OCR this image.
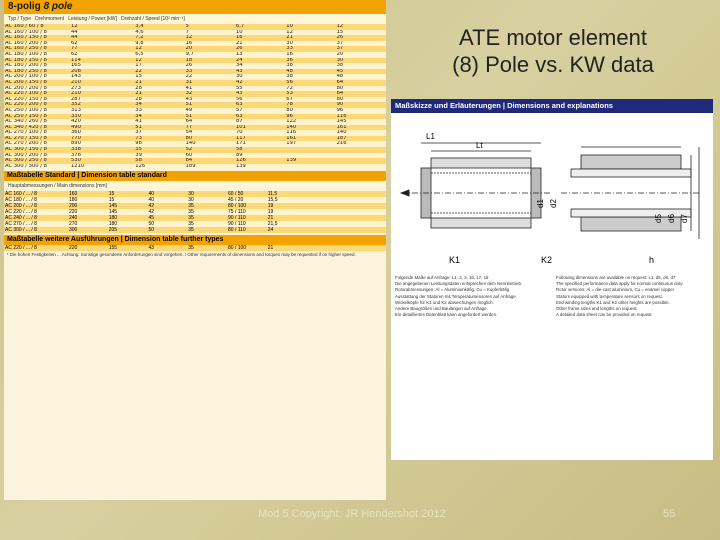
8-polig 8 pole
Typ / Type Drehmoment Leistung / Power [kW] Drehzahl / Speed [10³ min⁻¹]
AC 160 / 60 / 8	12	3,4	5	6,7	10	12
AC 160 / 100 / 8	44	4,6	7	10	12	15
AC 160 / 150 / 8	44	7,2	12	16	21	26
AC 160 / 200 / 8	62	9,8	16	21	30	37
AC 160 / 250 / 8	77	12	20	26	33	37
AC 180 / 100 / 8	62	6,5	9,7	13	16	20
AC 180 / 150 / 8	114	12	18	24	36	30
AC 180 / 200 / 8	165	17	26	34	38	38
AC 180 / 250 / 8	208	22	33	43	48	45
AC 200 / 100 / 8	143	15	22	30	38	48
AC 200 / 150 / 8	210	21	31	42	56	64
AC 200 / 200 / 8	273	28	41	55	72	80
AC 220 / 100 / 8	210	21	32	43	53	64
AC 220 / 150 / 8	287	28	43	56	67	80
AC 220 / 200 / 8	352	34	51	63	78	90
AC 250 / 100 / 8	313	33	49	57	80	96
AC 250 / 150 / 8	330	34	51	63	96	116
AC 340 / 260 / 8	420	41	64	87	122	145
AC 340 / 420 / 8	490	51	77	101	140	161
AC 270 / 100 / 8	360	37	54	70	116	140
AC 270 / 150 / 8	770	73	80	117	161	187
AC 270 / 200 / 8	890	98	140	171	197	216
AC 300 / 150 / 8	338	35	52	58		
AC 300 / 200 / 8	378	39	60	89		
AC 300 / 250 / 8	530	58	84	126	139	
AC 300 / 300 / 8	1210	126	189	139		
Maßtabelle Standard | Dimension table standard
Hauptabmessungen / Main dimensions [mm]
AC 160 / ... / 8	160	15	40	30	60 / 50	11,5
AC 180 / ... / 8	180	15	40	30	45 / 20	15,5
AC 200 / ... / 8	200	145	42	35	80 / 100	19
AC 220 / ... / 8	220	145	42	35	75 / 110	19
AC 240 / ... / 8	240	180	45	35	90 / 110	21
AC 270 / ... / 8	270	180	50	35	90 / 110	21,5
AC 300 / ... / 8	300	205	50	35	80 / 110	24
Maßtabelle weitere Ausführungen | Dimension table further types
AC 220 / ... / 8	220	155	43	35	80 / 100	21
¹ Die hohen Festigkeiten ... Achtung: Sonstige gesonderte Anforderungen sind vorgehen. / Other requirements of dimensions and torques may be requested if on higher speed.
ATE motor element
(8) Pole vs. KW data
Maßskizze und Erläuterungen | Dimensions and explanations
K1	K2
L1
Lt
d1 d2
d5 d6 d7
h
Folgende Maße auf Anfrage: L1, 2, 3, 16, 17, 18	Following dimensions are available on request: L1, d5, d6, d7
Die angegebenen Leistungsdaten entsprechen dem Nennbetrieb.	The specified performance data apply for normal continuous duty.
Rotorabmessungen: Al = Aluminiumkäfig, Cu = Kupferkäfig	Rotor versions: Al = die-cast aluminium, Cu = enamel copper
Ausstattung der Statoren mit Temperatursensoren auf Anfrage.	Stators equipped with temperature sensors on request.
Wickelköpfe für K1 und K2 abweichungen möglich.	End winding lengths K1 and K2 other heights are possible.
Andere Baugrößen und Baulängen auf Anfrage.	Other frame sizes and lengths on request.
Ein detailliertes Datenblatt kann angefordert werden.	A detailed data sheet can be provided on request.
Mod 5 Copyright: JR Hendershot 2012	55
